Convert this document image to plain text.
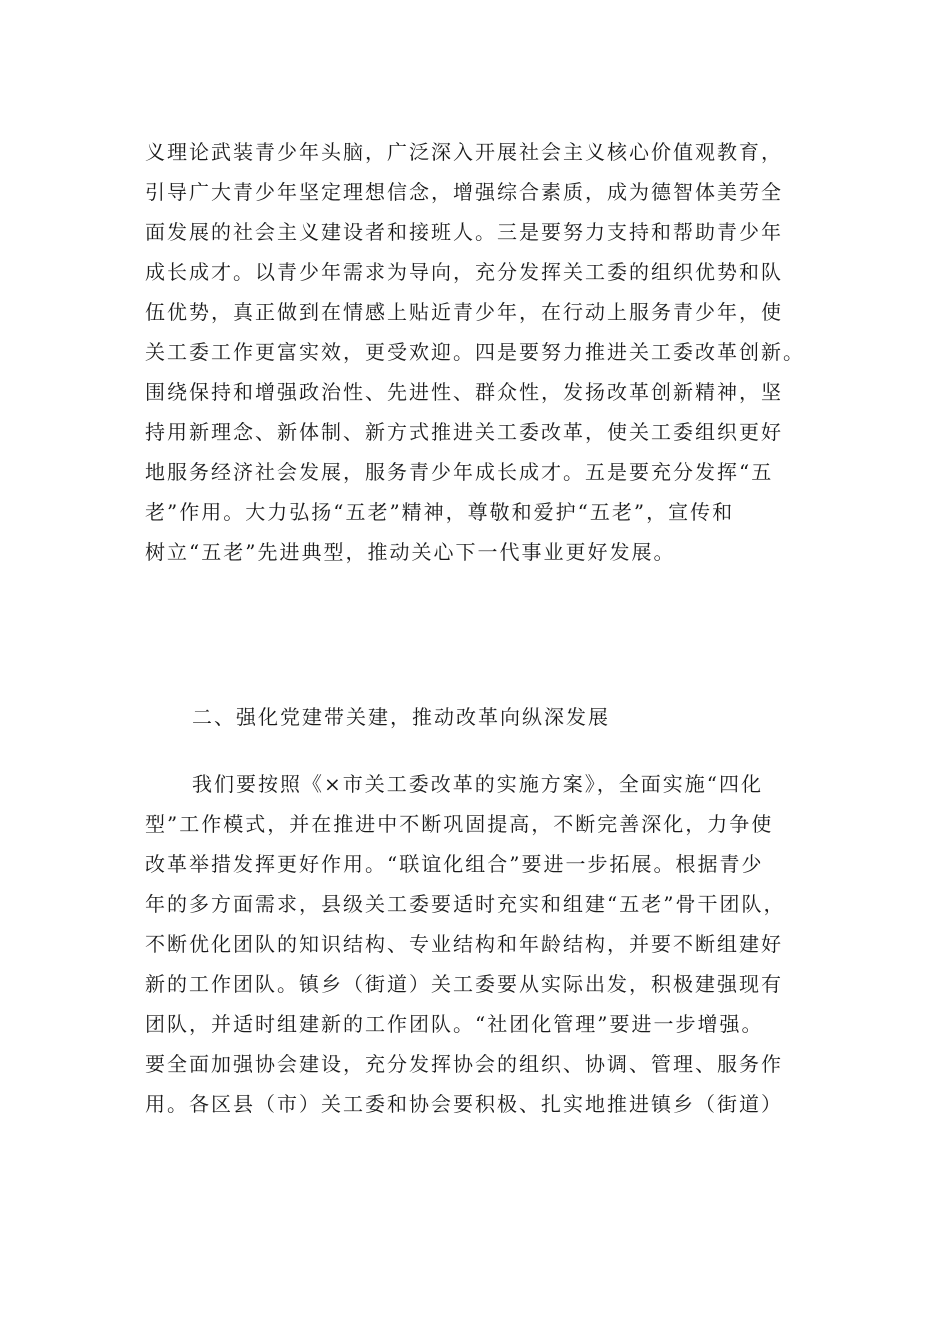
义理论武装青少年头脑，广泛深入开展社会主义核心价值观教育，
引导广大青少年坚定理想信念，增强综合素质，成为德智体美劳全
面发展的社会主义建设者和接班人。三是要努力支持和帮助青少年
成长成才。以青少年需求为导向，充分发挥关工委的组织优势和队
伍优势，真正做到在情感上贴近青少年，在行动上服务青少年，使
关工委工作更富实效，更受欢迎。四是要努力推进关工委改革创新。
围绕保持和增强政治性、先进性、群众性，发扬改革创新精神，坚
持用新理念、新体制、新方式推进关工委改革，使关工委组织更好
地服务经济社会发展，服务青少年成长成才。五是要充分发挥“五
老”作用。大力弘扬“五老”精神，尊敬和爱护“五老”，宣传和
树立“五老”先进典型，推动关心下一代事业更好发展。
二、强化党建带关建，推动改革向纵深发展
我们要按照《×市关工委改革的实施方案》，全面实施“四化
型”工作模式，并在推进中不断巩固提高，不断完善深化，力争使
改革举措发挥更好作用。“联谊化组合”要进一步拓展。根据青少
年的多方面需求，县级关工委要适时充实和组建“五老”骨干团队，
不断优化团队的知识结构、专业结构和年龄结构，并要不断组建好
新的工作团队。镇乡（街道）关工委要从实际出发，积极建强现有
团队，并适时组建新的工作团队。“社团化管理”要进一步增强。
要全面加强协会建设，充分发挥协会的组织、协调、管理、服务作
用。各区县（市）关工委和协会要积极、扎实地推进镇乡（街道）
